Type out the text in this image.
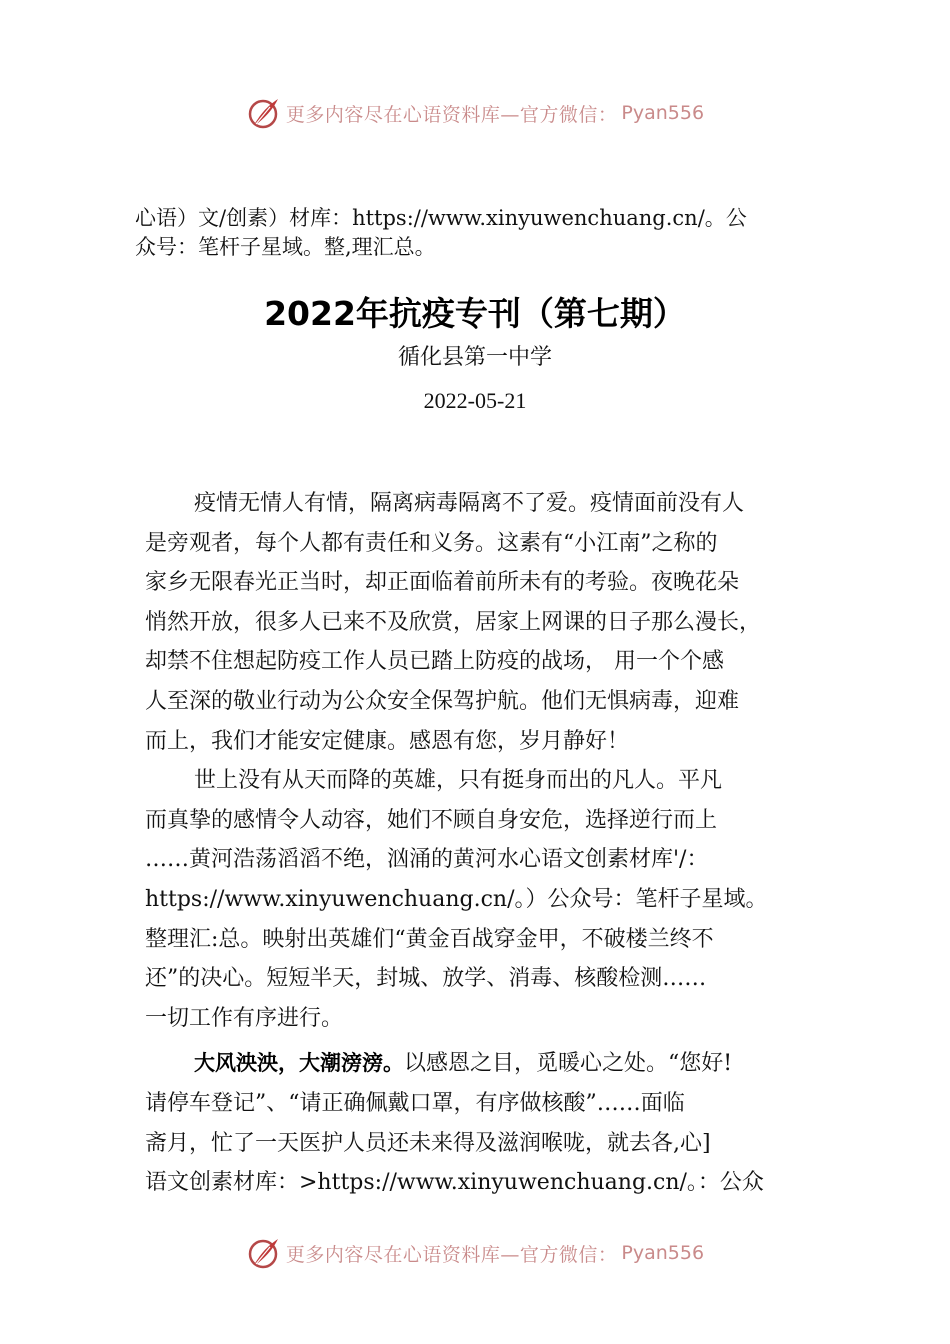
更多内容尽在心语资料库—官方微信： Pyan556
心语）文/创素）材库：https://www.xinyuwenchuang.cn/。公
众号：笔杆子星域。整,理汇总。
2022年抗疫专刊（第七期）
循化县第一中学
2022-05-21
疫情无情人有情，隔离病毒隔离不了爱。疫情面前没有人
是旁观者，每个人都有责任和义务。这素有“小江南”之称的
家乡无限春光正当时，却正面临着前所未有的考验。夜晚花朵
悄然开放，很多人已来不及欣赏，居家上网课的日子那么漫长，
却禁不住想起防疫工作人员已踏上防疫的战场， 用一个个感
人至深的敬业行动为公众安全保驾护航。他们无惧病毒，迎难
而上，我们才能安定健康。感恩有您，岁月静好！
世上没有从天而降的英雄，只有挺身而出的凡人。平凡
而真挚的感情令人动容，她们不顾自身安危，选择逆行而上
……黄河浩荡滔滔不绝，汹涌的黄河水心语文创素材库'/：
https://www.xinyuwenchuang.cn/。）公众号：笔杆子星域。
整理汇:总。映射出英雄们“黄金百战穿金甲，不破楼兰终不
还”的决心。短短半天，封城、放学、消毒、核酸检测……
一切工作有序进行。
大风泱泱，大潮滂滂。以感恩之目，觅暖心之处。“您好!
请停车登记”、“请正确佩戴口罩，有序做核酸”……面临
斋月，忙了一天医护人员还未来得及滋润喉咙，就去各,心]
语文创素材库：>https://www.xinyuwenchuang.cn/。：公众
更多内容尽在心语资料库—官方微信： Pyan556
